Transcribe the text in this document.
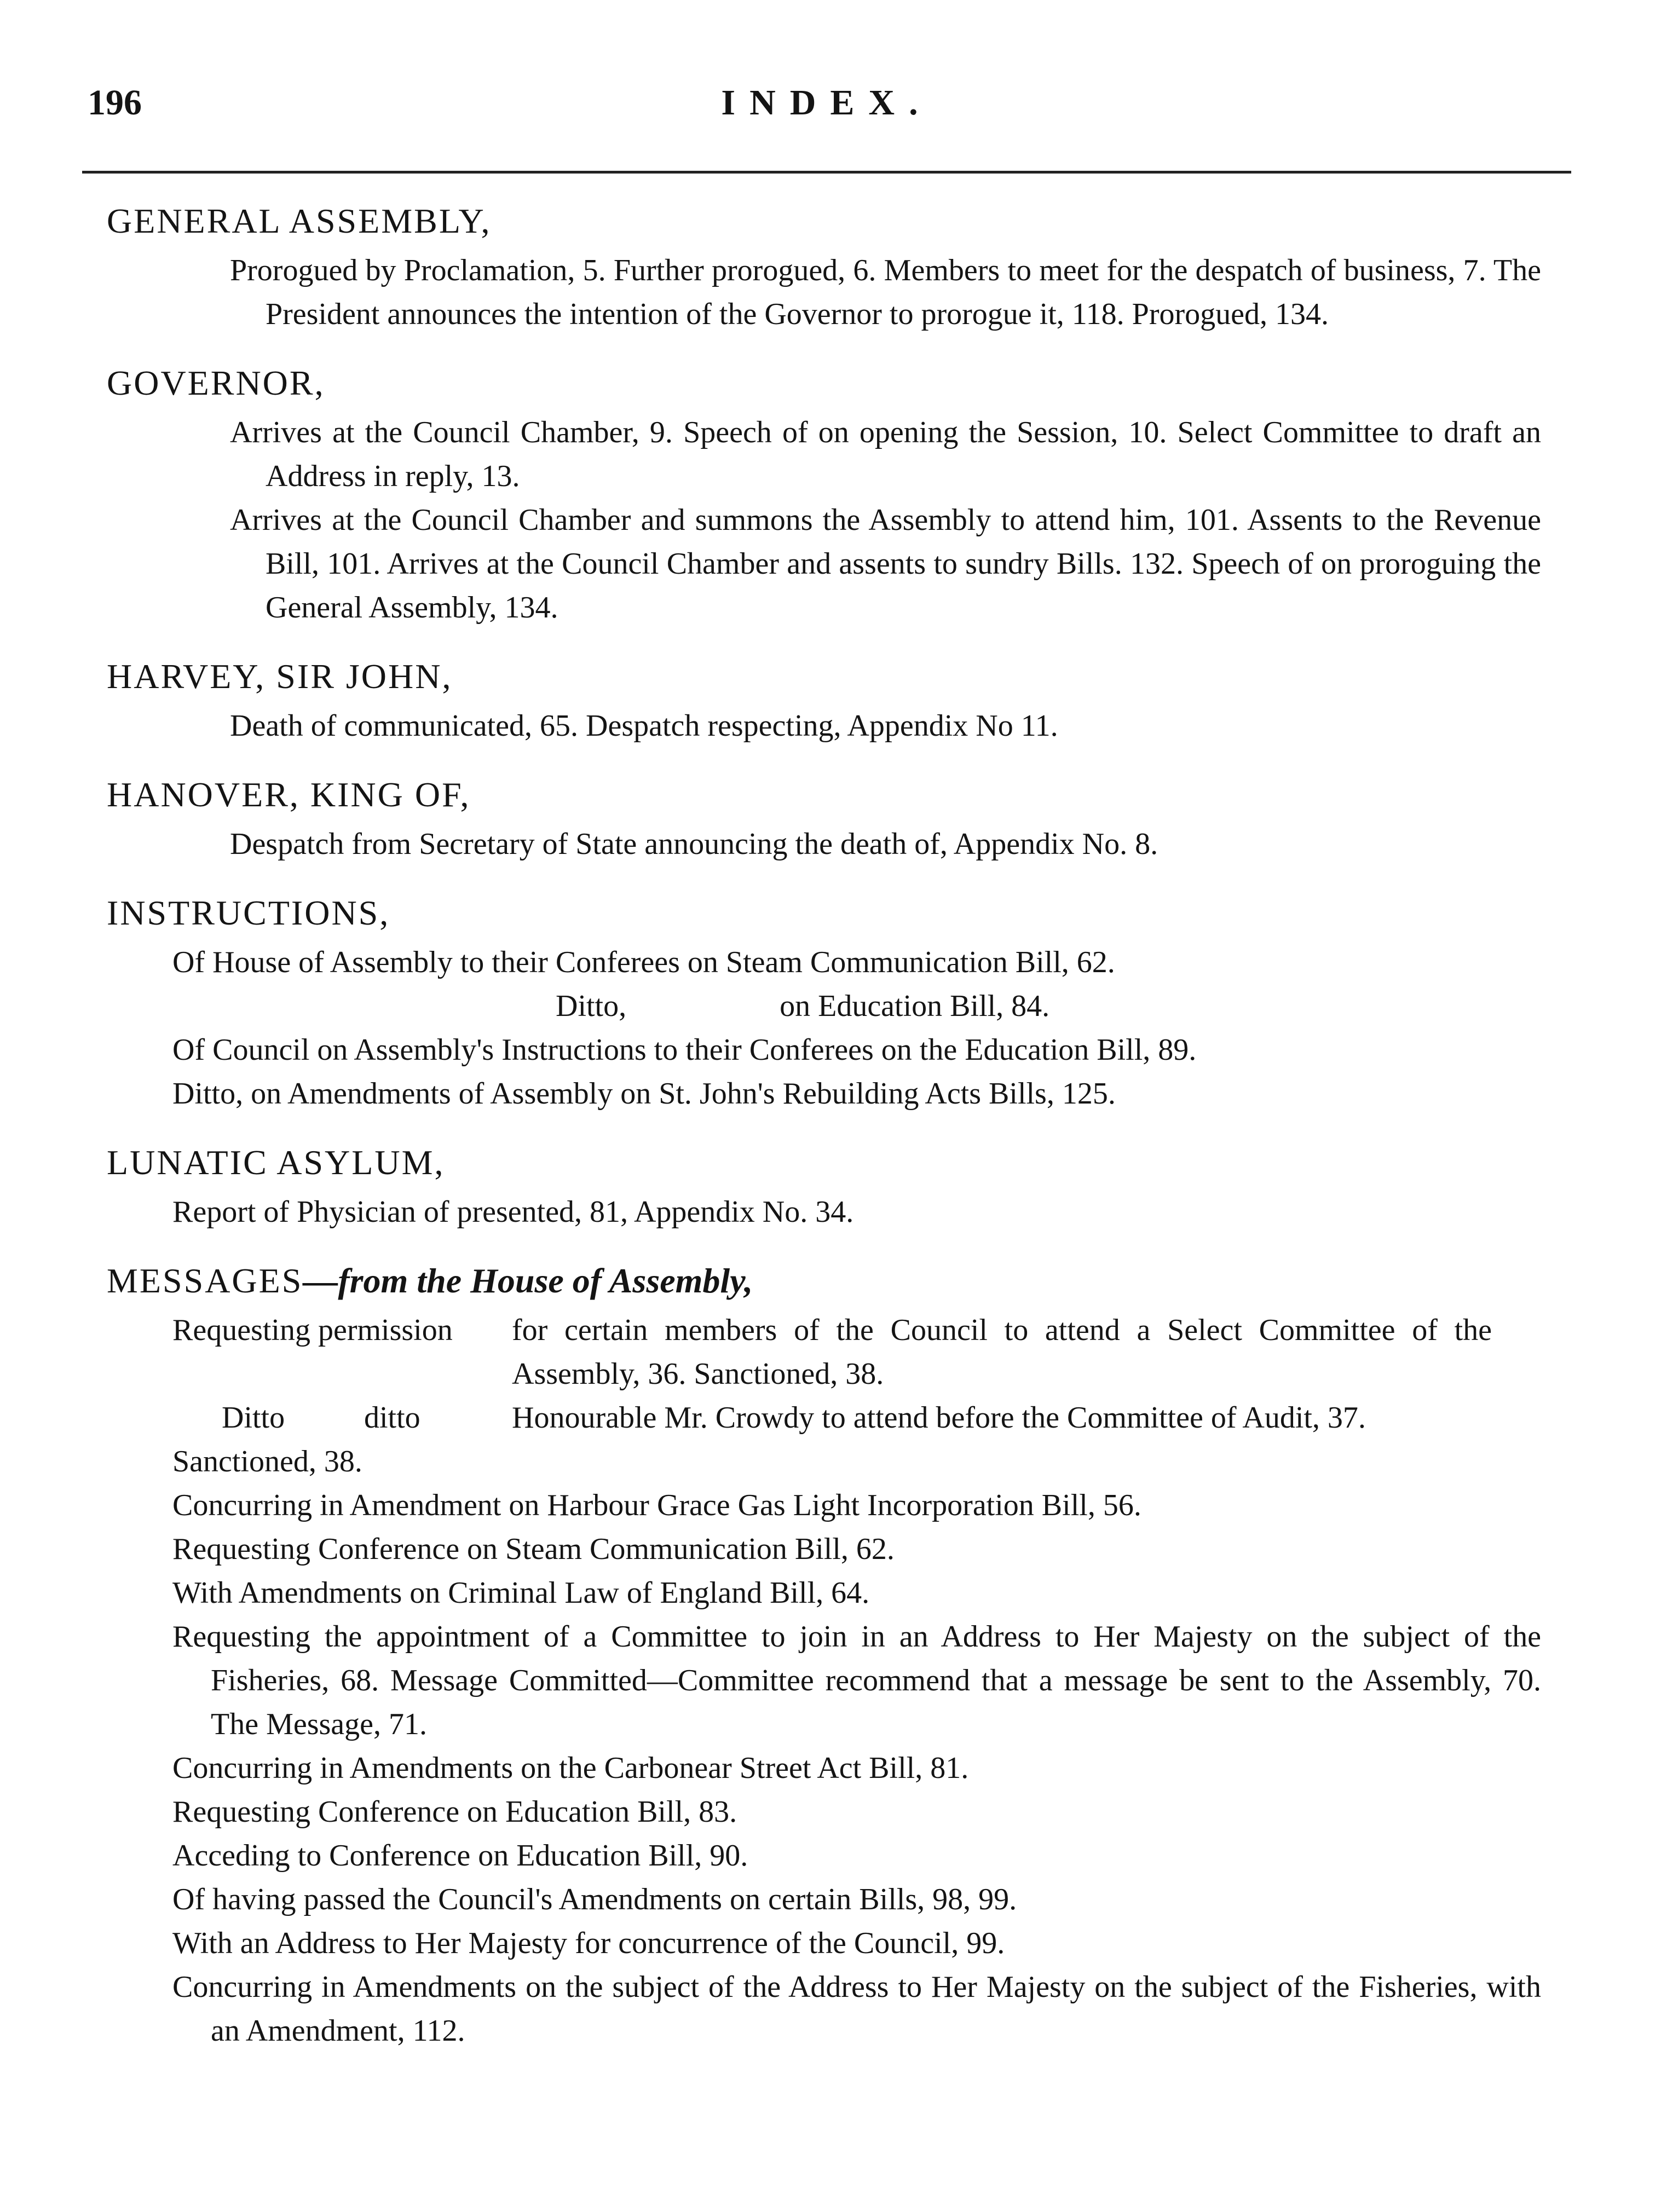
196	INDEX.
GENERAL ASSEMBLY,
Prorogued by Proclamation, 5. Further prorogued, 6. Members to meet for the despatch of business, 7. The President announces the intention of the Governor to prorogue it, 118. Prorogued, 134.
GOVERNOR,
Arrives at the Council Chamber, 9. Speech of on opening the Session, 10. Select Committee to draft an Address in reply, 13.
Arrives at the Council Chamber and summons the Assembly to attend him, 101. Assents to the Revenue Bill, 101. Arrives at the Council Chamber and assents to sundry Bills. 132. Speech of on proroguing the General Assembly, 134.
HARVEY, SIR JOHN,
Death of communicated, 65. Despatch respecting, Appendix No 11.
HANOVER, KING OF,
Despatch from Secretary of State announcing the death of, Appendix No. 8.
INSTRUCTIONS,
Of House of Assembly to their Conferees on Steam Communication Bill, 62.
Ditto,                    on Education Bill, 84.
Of Council on Assembly's Instructions to their Conferees on the Education Bill, 89.
Ditto, on Amendments of Assembly on St. John's Rebuilding Acts Bills, 125.
LUNATIC ASYLUM,
Report of Physician of presented, 81, Appendix No. 34.
MESSAGES—from the House of Assembly,
Requesting permission for certain members of the Council to attend a Select Committee of the Assembly, 36. Sanctioned, 38.
Ditto	ditto	Honourable Mr. Crowdy to attend before the Committee of Audit, 37.
Sanctioned, 38.
Concurring in Amendment on Harbour Grace Gas Light Incorporation Bill, 56.
Requesting Conference on Steam Communication Bill, 62.
With Amendments on Criminal Law of England Bill, 64.
Requesting the appointment of a Committee to join in an Address to Her Majesty on the subject of the Fisheries, 68. Message Committed—Committee recommend that a message be sent to the Assembly, 70. The Message, 71.
Concurring in Amendments on the Carbonear Street Act Bill, 81.
Requesting Conference on Education Bill, 83.
Acceding to Conference on Education Bill, 90.
Of having passed the Council's Amendments on certain Bills, 98, 99.
With an Address to Her Majesty for concurrence of the Council, 99.
Concurring in Amendments on the subject of the Address to Her Majesty on the subject of the Fisheries, with an Amendment, 112.
